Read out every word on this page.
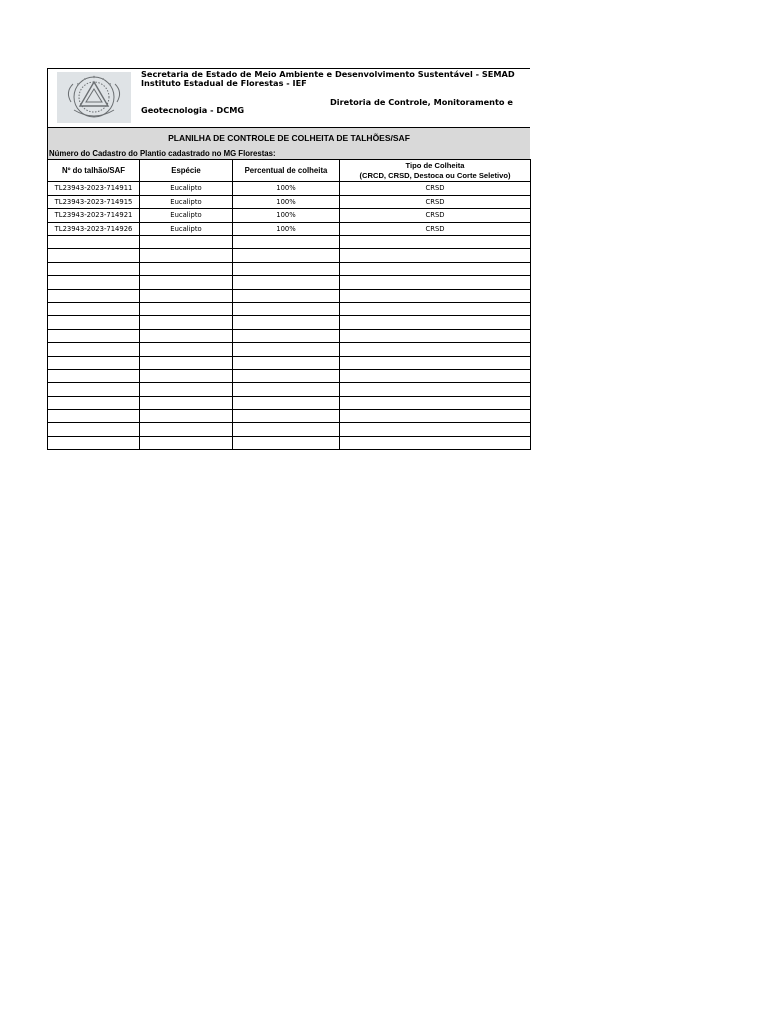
Secretaria de Estado de Meio Ambiente e Desenvolvimento Sustentável - SEMAD
Instituto Estadual de Florestas - IEF
Diretoria de Controle, Monitoramento e
Geotecnologia - DCMG
PLANILHA DE CONTROLE DE COLHEITA DE TALHÕES/SAF
Número do Cadastro do Plantio cadastrado no MG Florestas:
Nº do talhão/SAF	Espécie	Percentual de colheita	Tipo de Colheita
(CRCD, CRSD, Destoca ou Corte Seletivo)

TL23943-2023-714911	Eucalipto	100%	CRSD
TL23943-2023-714915	Eucalipto	100%	CRSD
TL23943-2023-714921	Eucalipto	100%	CRSD
TL23943-2023-714926	Eucalipto	100%	CRSD
